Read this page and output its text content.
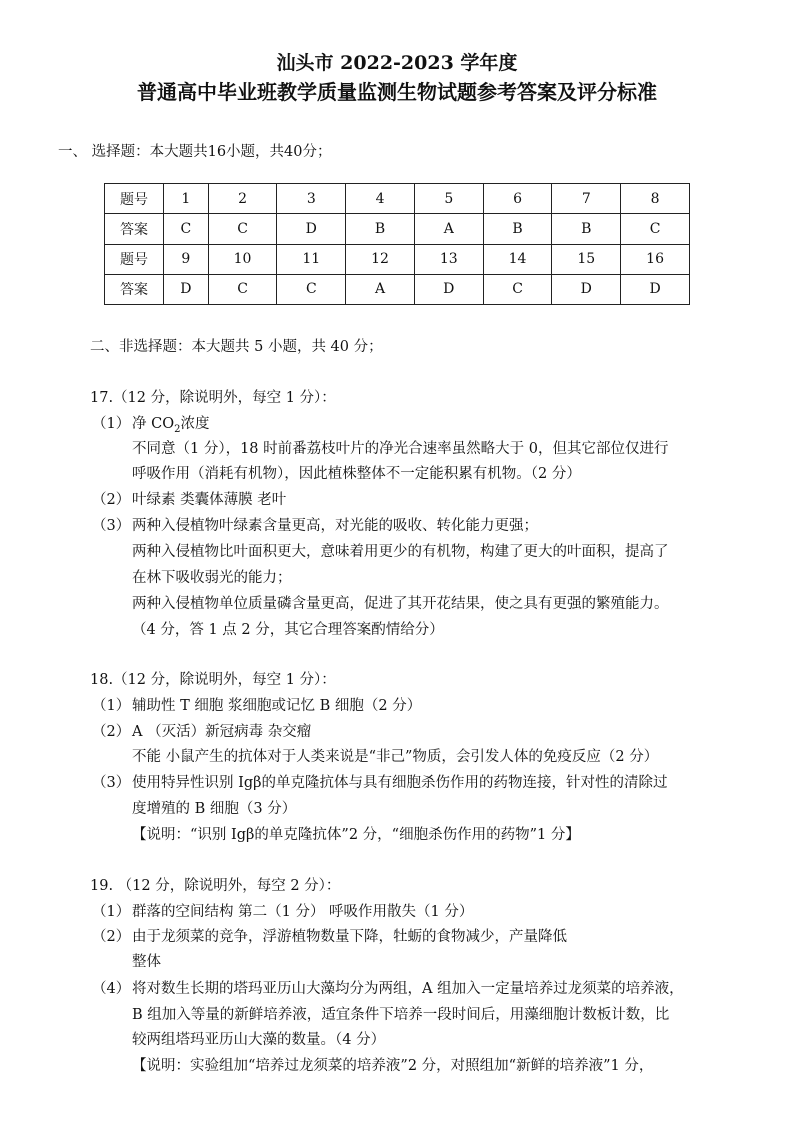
汕头市 2022-2023 学年度
普通高中毕业班教学质量监测生物试题参考答案及评分标准
一、 选择题：本大题共16小题，共40分；
题号	1	2	3	4	5	6	7	8
答案	C	C	D	B	A	B	B	C
题号	9	10	11	12	13	14	15	16
答案	D	C	C	A	D	C	D	D
二、非选择题：本大题共 5 小题，共 40 分；
17.（12 分，除说明外，每空 1 分）：
（1） 净 $CO_2$浓度
不同意（1 分），18 时前番荔枝叶片的净光合速率虽然略大于 0，但其它部位仅进行
呼吸作用（消耗有机物），因此植株整体不一定能积累有机物。（2 分）
（2） 叶绿素 类囊体薄膜 老叶
（3） 两种入侵植物叶绿素含量更高，对光能的吸收、转化能力更强；
两种入侵植物比叶面积更大，意味着用更少的有机物，构建了更大的叶面积，提高了
在林下吸收弱光的能力；
两种入侵植物单位质量磷含量更高，促进了其开花结果，使之具有更强的繁殖能力。
（4 分，答 1 点 2 分，其它合理答案酌情给分）
18.（12 分，除说明外，每空 1 分）：
（1） 辅助性 T 细胞 浆细胞或记忆 B 细胞（2 分）
（2） A （灭活）新冠病毒 杂交瘤
不能 小鼠产生的抗体对于人类来说是“非己”物质，会引发人体的免疫反应（2 分）
（3） 使用特异性识别 Igβ的单克隆抗体与具有细胞杀伤作用的药物连接，针对性的清除过
度增殖的 B 细胞（3 分）
【说明：“识别 Igβ的单克隆抗体”2 分，“细胞杀伤作用的药物”1 分】
19. （12 分，除说明外，每空 2 分）：
（1） 群落的空间结构 第二（1 分） 呼吸作用散失（1 分）
（2） 由于龙须菜的竞争，浮游植物数量下降，牡蛎的食物减少，产量降低
整体
（4） 将对数生长期的塔玛亚历山大藻均分为两组，A 组加入一定量培养过龙须菜的培养液，
B 组加入等量的新鲜培养液，适宜条件下培养一段时间后，用藻细胞计数板计数，比
较两组塔玛亚历山大藻的数量。（4 分）
【说明：实验组加“培养过龙须菜的培养液”2 分，对照组加“新鲜的培养液”1 分，
